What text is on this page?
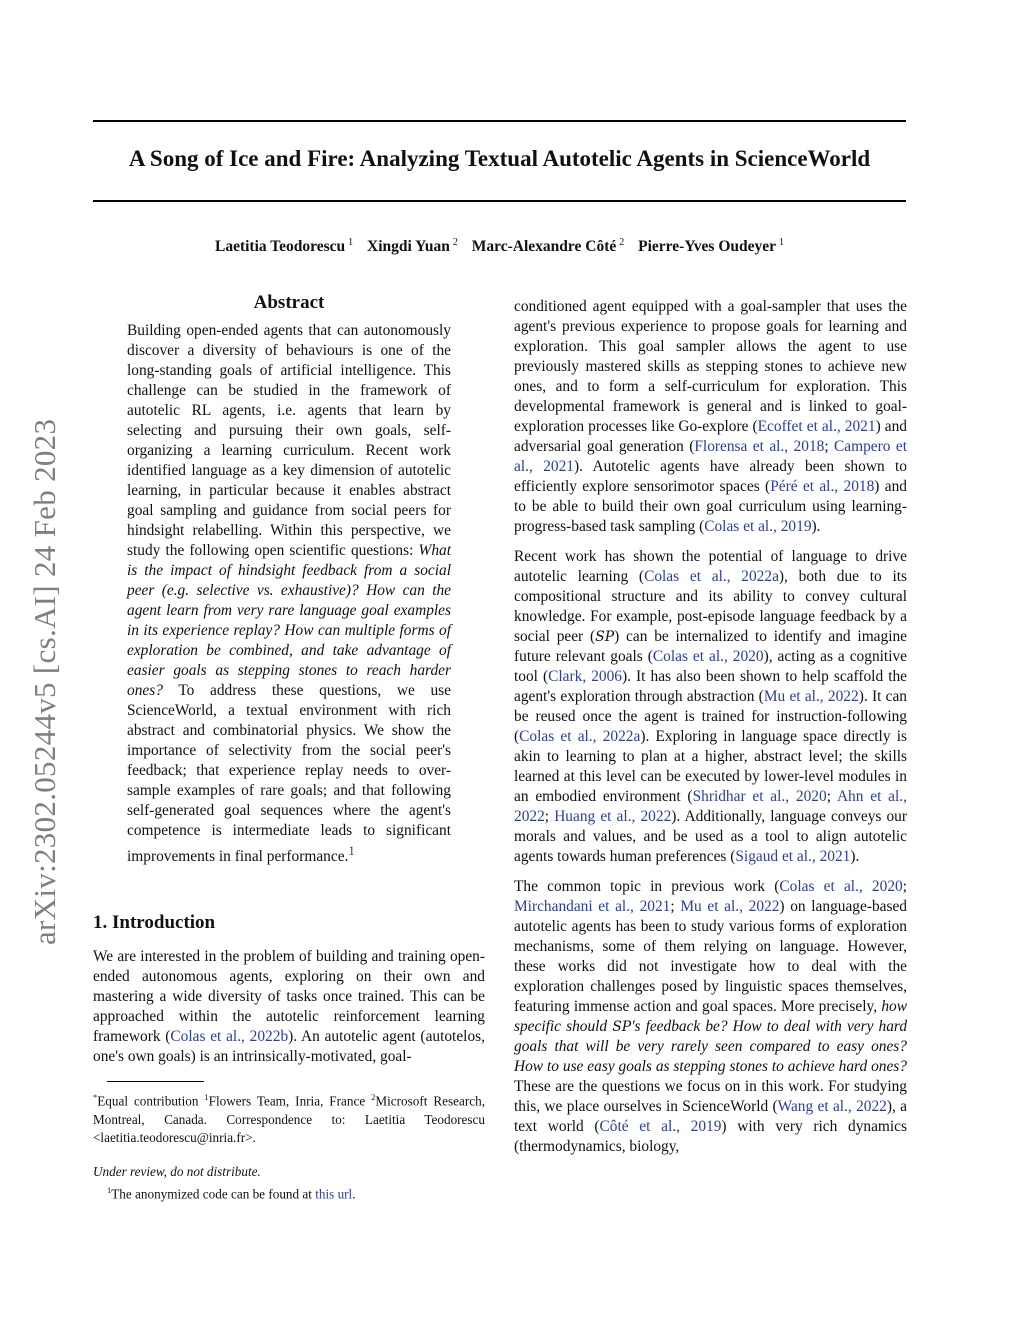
A Song of Ice and Fire: Analyzing Textual Autotelic Agents in ScienceWorld
Laetitia Teodorescu $^1$ Xingdi Yuan $^2$ Marc-Alexandre Côté $^2$ Pierre-Yves Oudeyer $^1$
arXiv:2302.05244v5 [cs.AI] 24 Feb 2023
Abstract

Building open-ended agents that can autonomously discover a diversity of behaviours is one of the long-standing goals of artificial intelligence. This challenge can be studied in the framework of autotelic RL agents, i.e. agents that learn by selecting and pursuing their own goals, self-organizing a learning curriculum. Recent work identified language as a key dimension of autotelic learning, in particular because it enables abstract goal sampling and guidance from social peers for hindsight relabelling. Within this perspective, we study the following open scientific questions: What is the impact of hindsight feedback from a social peer (e.g. selective vs. exhaustive)? How can the agent learn from very rare language goal examples in its experience replay? How can multiple forms of exploration be combined, and take advantage of easier goals as stepping stones to reach harder ones? To address these questions, we use ScienceWorld, a textual environment with rich abstract and combinatorial physics. We show the importance of selectivity from the social peer's feedback; that experience replay needs to over-sample examples of rare goals; and that following self-generated goal sequences where the agent's competence is intermediate leads to significant improvements in final performance.$^1$

1. Introduction

We are interested in the problem of building and training open-ended autonomous agents, exploring on their own and mastering a wide diversity of tasks once trained. This can be approached within the autotelic reinforcement learning framework (Colas et al., 2022b). An autotelic agent (autotelos, one's own goals) is an intrinsically-motivated, goal-

*Equal contribution $^1$Flowers Team, Inria, France $^2$Microsoft Research, Montreal, Canada. Correspondence to: Laetitia Teodorescu <laetitia.teodorescu@inria.fr>.

Under review, do not distribute.

$^1$The anonymized code can be found at this url.

conditioned agent equipped with a goal-sampler that uses the agent's previous experience to propose goals for learning and exploration. This goal sampler allows the agent to use previously mastered skills as stepping stones to achieve new ones, and to form a self-curriculum for exploration. This developmental framework is general and is linked to goal-exploration processes like Go-explore (Ecoffet et al., 2021) and adversarial goal generation (Florensa et al., 2018; Campero et al., 2021). Autotelic agents have already been shown to efficiently explore sensorimotor spaces (Péré et al., 2018) and to be able to build their own goal curriculum using learning-progress-based task sampling (Colas et al., 2019).

Recent work has shown the potential of language to drive autotelic learning (Colas et al., 2022a), both due to its compositional structure and its ability to convey cultural knowledge. For example, post-episode language feedback by a social peer (SP) can be internalized to identify and imagine future relevant goals (Colas et al., 2020), acting as a cognitive tool (Clark, 2006). It has also been shown to help scaffold the agent's exploration through abstraction (Mu et al., 2022). It can be reused once the agent is trained for instruction-following (Colas et al., 2022a). Exploring in language space directly is akin to learning to plan at a higher, abstract level; the skills learned at this level can be executed by lower-level modules in an embodied environment (Shridhar et al., 2020; Ahn et al., 2022; Huang et al., 2022). Additionally, language conveys our morals and values, and be used as a tool to align autotelic agents towards human preferences (Sigaud et al., 2021).

The common topic in previous work (Colas et al., 2020; Mirchandani et al., 2021; Mu et al., 2022) on language-based autotelic agents has been to study various forms of exploration mechanisms, some of them relying on language. However, these works did not investigate how to deal with the exploration challenges posed by linguistic spaces themselves, featuring immense action and goal spaces. More precisely, how specific should SP's feedback be? How to deal with very hard goals that will be very rarely seen compared to easy ones? How to use easy goals as stepping stones to achieve hard ones? These are the questions we focus on in this work. For studying this, we place ourselves in ScienceWorld (Wang et al., 2022), a text world (Côté et al., 2019) with very rich dynamics (thermodynamics, biology,
